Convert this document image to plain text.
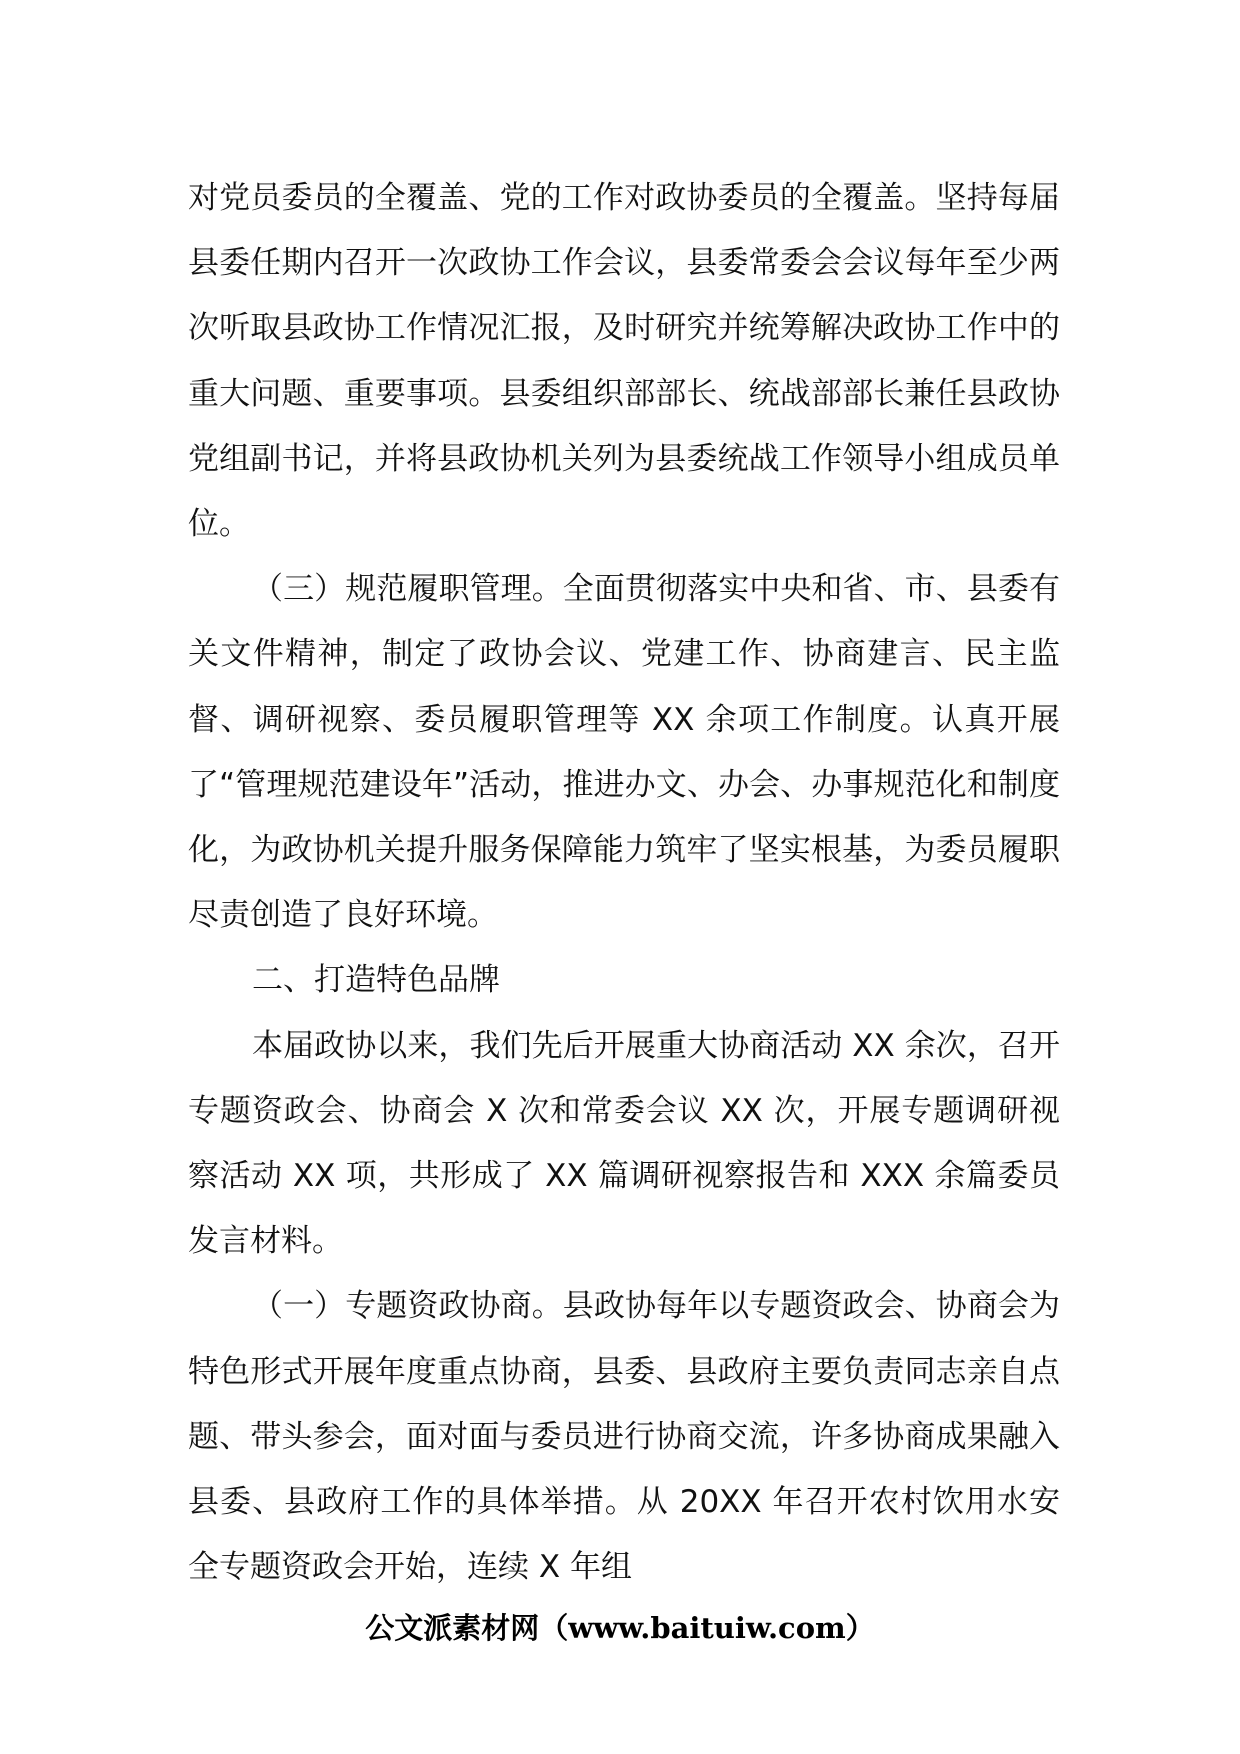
对党员委员的全覆盖、党的工作对政协委员的全覆盖。坚持每届县委任期内召开一次政协工作会议，县委常委会会议每年至少两次听取县政协工作情况汇报，及时研究并统筹解决政协工作中的重大问题、重要事项。县委组织部部长、统战部部长兼任县政协党组副书记，并将县政协机关列为县委统战工作领导小组成员单位。

（三）规范履职管理。全面贯彻落实中央和省、市、县委有关文件精神，制定了政协会议、党建工作、协商建言、民主监督、调研视察、委员履职管理等 XX 余项工作制度。认真开展了“管理规范建设年”活动，推进办文、办会、办事规范化和制度化，为政协机关提升服务保障能力筑牢了坚实根基，为委员履职尽责创造了良好环境。

二、打造特色品牌

本届政协以来，我们先后开展重大协商活动 XX 余次，召开专题资政会、协商会 X 次和常委会议 XX 次，开展专题调研视察活动 XX 项，共形成了 XX 篇调研视察报告和 XXX 余篇委员发言材料。

（一）专题资政协商。县政协每年以专题资政会、协商会为特色形式开展年度重点协商，县委、县政府主要负责同志亲自点题、带头参会，面对面与委员进行协商交流，许多协商成果融入县委、县政府工作的具体举措。从 20XX 年召开农村饮用水安全专题资政会开始，连续 X 年组

公文派素材网（www.baituiw.com）
